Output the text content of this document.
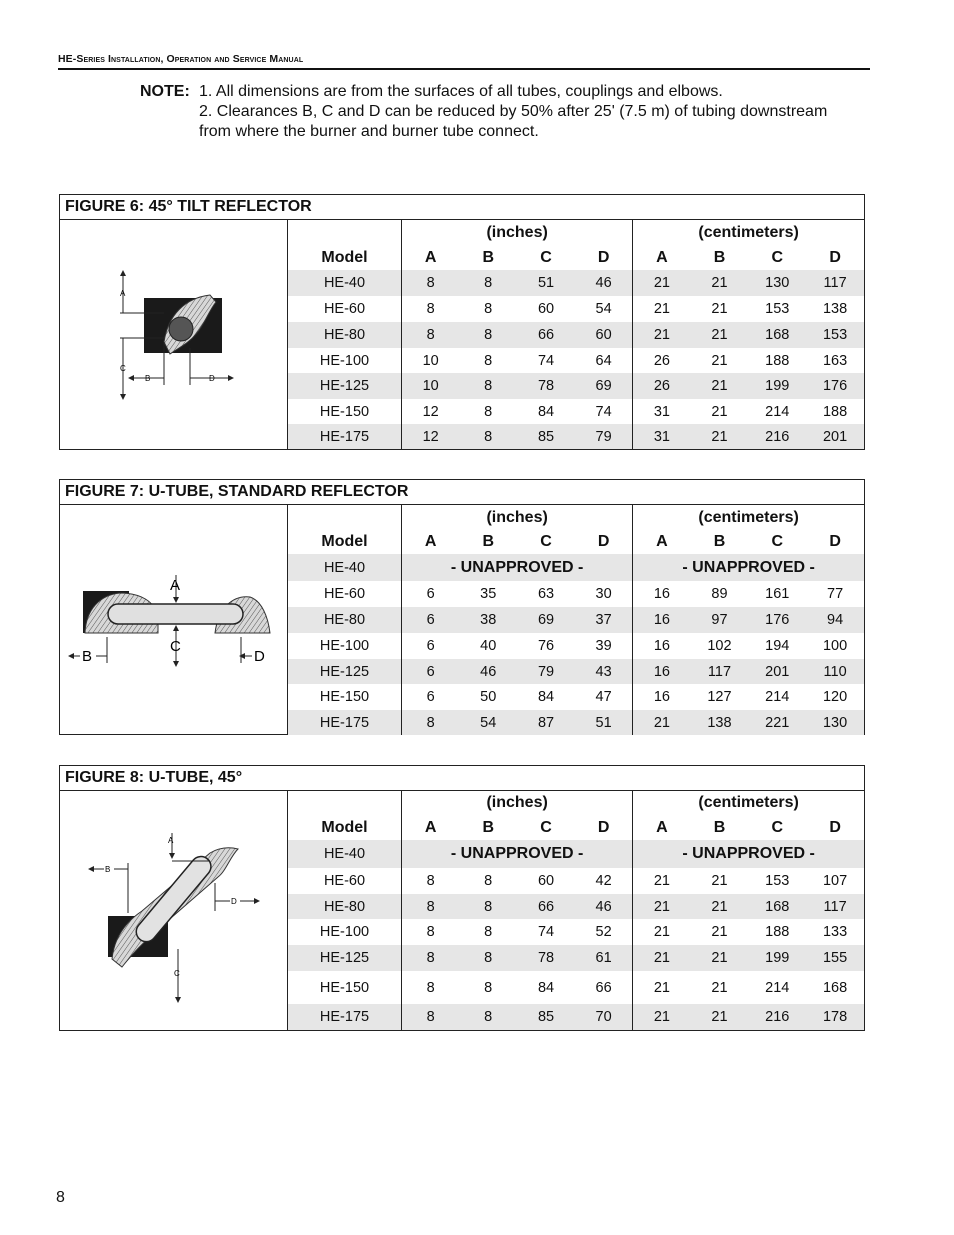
HE-Series Installation, Operation and Service Manual
NOTE: 1. All dimensions are from the surfaces of all tubes, couplings and elbows.
2. Clearances B, C and D can be reduced by 50% after 25' (7.5 m) of tubing downstream
from where the burner and burner tube connect.
FIGURE 6: 45° TILT REFLECTOR
A
C
B	D
	(inches)				(centimeters)			
Model	A	B	C	D	A	B	C	D
HE-40	8	8	51	46	21	21	130	117
HE-60	8	8	60	54	21	21	153	138
HE-80	8	8	66	60	21	21	168	153
HE-100	10	8	74	64	26	21	188	163
HE-125	10	8	78	69	26	21	199	176
HE-150	12	8	84	74	31	21	214	188
HE-175	12	8	85	79	31	21	216	201
FIGURE 7: U-TUBE, STANDARD REFLECTOR
A
C
B	D
	(inches)				(centimeters)			
Model	A	B	C	D	A	B	C	D
HE-40	- UNAPPROVED -				- UNAPPROVED -			
HE-60	6	35	63	30	16	89	161	77
HE-80	6	38	69	37	16	97	176	94
HE-100	6	40	76	39	16	102	194	100
HE-125	6	46	79	43	16	117	201	110
HE-150	6	50	84	47	16	127	214	120
HE-175	8	54	87	51	21	138	221	130
FIGURE 8: U-TUBE, 45°
A
B
D
C
	(inches)				(centimeters)			
Model	A	B	C	D	A	B	C	D
HE-40	- UNAPPROVED -				- UNAPPROVED -			
HE-60	8	8	60	42	21	21	153	107
HE-80	8	8	66	46	21	21	168	117
HE-100	8	8	74	52	21	21	188	133
HE-125	8	8	78	61	21	21	199	155
HE-150	8	8	84	66	21	21	214	168
HE-175	8	8	85	70	21	21	216	178
8
